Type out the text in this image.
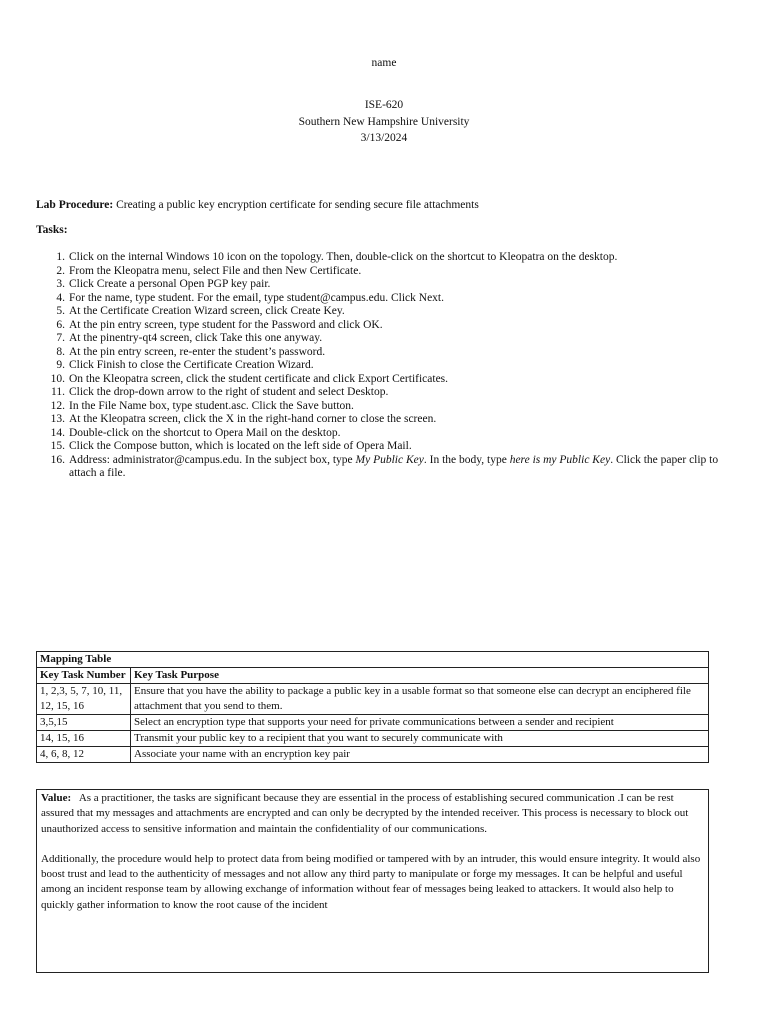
name
ISE-620
Southern New Hampshire University
3/13/2024
Lab Procedure: Creating a public key encryption certificate for sending secure file attachments
Tasks:
1. Click on the internal Windows 10 icon on the topology. Then, double-click on the shortcut to Kleopatra on the desktop.
2. From the Kleopatra menu, select File and then New Certificate.
3. Click Create a personal Open PGP key pair.
4. For the name, type student. For the email, type student@campus.edu. Click Next.
5. At the Certificate Creation Wizard screen, click Create Key.
6. At the pin entry screen, type student for the Password and click OK.
7. At the pinentry-qt4 screen, click Take this one anyway.
8. At the pin entry screen, re-enter the student’s password.
9. Click Finish to close the Certificate Creation Wizard.
10. On the Kleopatra screen, click the student certificate and click Export Certificates.
11. Click the drop-down arrow to the right of student and select Desktop.
12. In the File Name box, type student.asc. Click the Save button.
13. At the Kleopatra screen, click the X in the right-hand corner to close the screen.
14. Double-click on the shortcut to Opera Mail on the desktop.
15. Click the Compose button, which is located on the left side of Opera Mail.
16. Address: administrator@campus.edu. In the subject box, type My Public Key. In the body, type here is my Public Key. Click the paper clip to attach a file.
Mapping Table	
Key Task Number	Key Task Purpose
1, 2,3, 5, 7, 10, 11, 12, 15, 16	Ensure that you have the ability to package a public key in a usable format so that someone else can decrypt an enciphered file attachment that you send to them.
3,5,15	Select an encryption type that supports your need for private communications between a sender and recipient
14, 15, 16	Transmit your public key to a recipient that you want to securely communicate with
4, 6, 8, 12	Associate your name with an encryption key pair

Value: As a practitioner, the tasks are significant because they are essential in the process of establishing secured communication .I can be rest assured that my messages and attachments are encrypted and can only be decrypted by the intended receiver. This process is necessary to block out unauthorized access to sensitive information and maintain the confidentiality of our communications.

Additionally, the procedure would help to protect data from being modified or tampered with by an intruder, this would ensure integrity. It would also boost trust and lead to the authenticity of messages and not allow any third party to manipulate or forge my messages. It can be helpful and useful among an incident response team by allowing exchange of information without fear of messages being leaked to attackers. It would also help to quickly gather information to know the root cause of the incident
